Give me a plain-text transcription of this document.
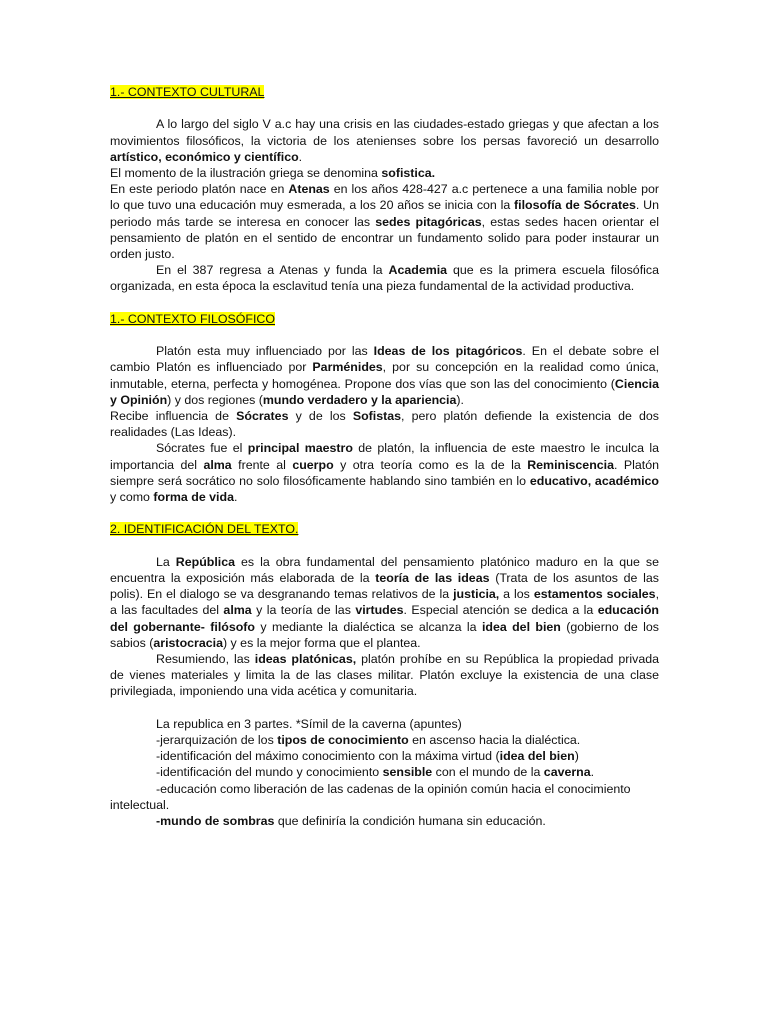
1.- CONTEXTO CULTURAL

A lo largo del siglo V a.c hay una crisis en las ciudades-estado griegas y que afectan a los movimientos filosóficos, la victoria de los atenienses sobre los persas favoreció un desarrollo artístico, económico y científico.

El momento de la ilustración griega se denomina sofistica.

En este periodo platón nace en Atenas en los años 428-427 a.c pertenece a una familia noble por lo que tuvo una educación muy esmerada, a los 20 años se inicia con la filosofía de Sócrates. Un periodo más tarde se interesa en conocer las sedes pitagóricas, estas sedes hacen orientar el pensamiento de platón en el sentido de encontrar un fundamento solido para poder instaurar un orden justo.

En el 387 regresa a Atenas y funda la Academia que es la primera escuela filosófica organizada, en esta época la esclavitud tenía una pieza fundamental de la actividad productiva.

1.- CONTEXTO FILOSÓFICO

Platón esta muy influenciado por las Ideas de los pitagóricos. En el debate sobre el cambio Platón es influenciado por Parménides, por su concepción en la realidad como única, inmutable, eterna, perfecta y homogénea. Propone dos vías que son las del conocimiento (Ciencia y Opinión) y dos regiones (mundo verdadero y la apariencia).

Recibe influencia de Sócrates y de los Sofistas, pero platón defiende la existencia de dos realidades (Las Ideas).

Sócrates fue el principal maestro de platón, la influencia de este maestro le inculca la importancia del alma frente al cuerpo y otra teoría como es la de la Reminiscencia. Platón siempre será socrático no solo filosóficamente hablando sino también en lo educativo, académico y como forma de vida.

2. IDENTIFICACIÓN DEL TEXTO.

La República es la obra fundamental del pensamiento platónico maduro en la que se encuentra la exposición más elaborada de la teoría de las ideas (Trata de los asuntos de las polis). En el dialogo se va desgranando temas relativos de la justicia, a los estamentos sociales, a las facultades del alma y la teoría de las virtudes. Especial atención se dedica a la educación del gobernante- filósofo y mediante la dialéctica se alcanza la idea del bien (gobierno de los sabios (aristocracia) y es la mejor forma que el plantea.

Resumiendo, las ideas platónicas, platón prohíbe en su República la propiedad privada de vienes materiales y limita la de las clases militar. Platón excluye la existencia de una clase privilegiada, imponiendo una vida acética y comunitaria.

La republica en 3 partes. *Símil de la caverna (apuntes)

-jerarquización de los tipos de conocimiento en ascenso hacia la dialéctica.

-identificación del máximo conocimiento con la máxima virtud (idea del bien)

-identificación del mundo y conocimiento sensible con el mundo de la caverna.

-educación como liberación de las cadenas de la opinión común hacia el conocimiento intelectual.

-mundo de sombras que definiría la condición humana sin educación.
